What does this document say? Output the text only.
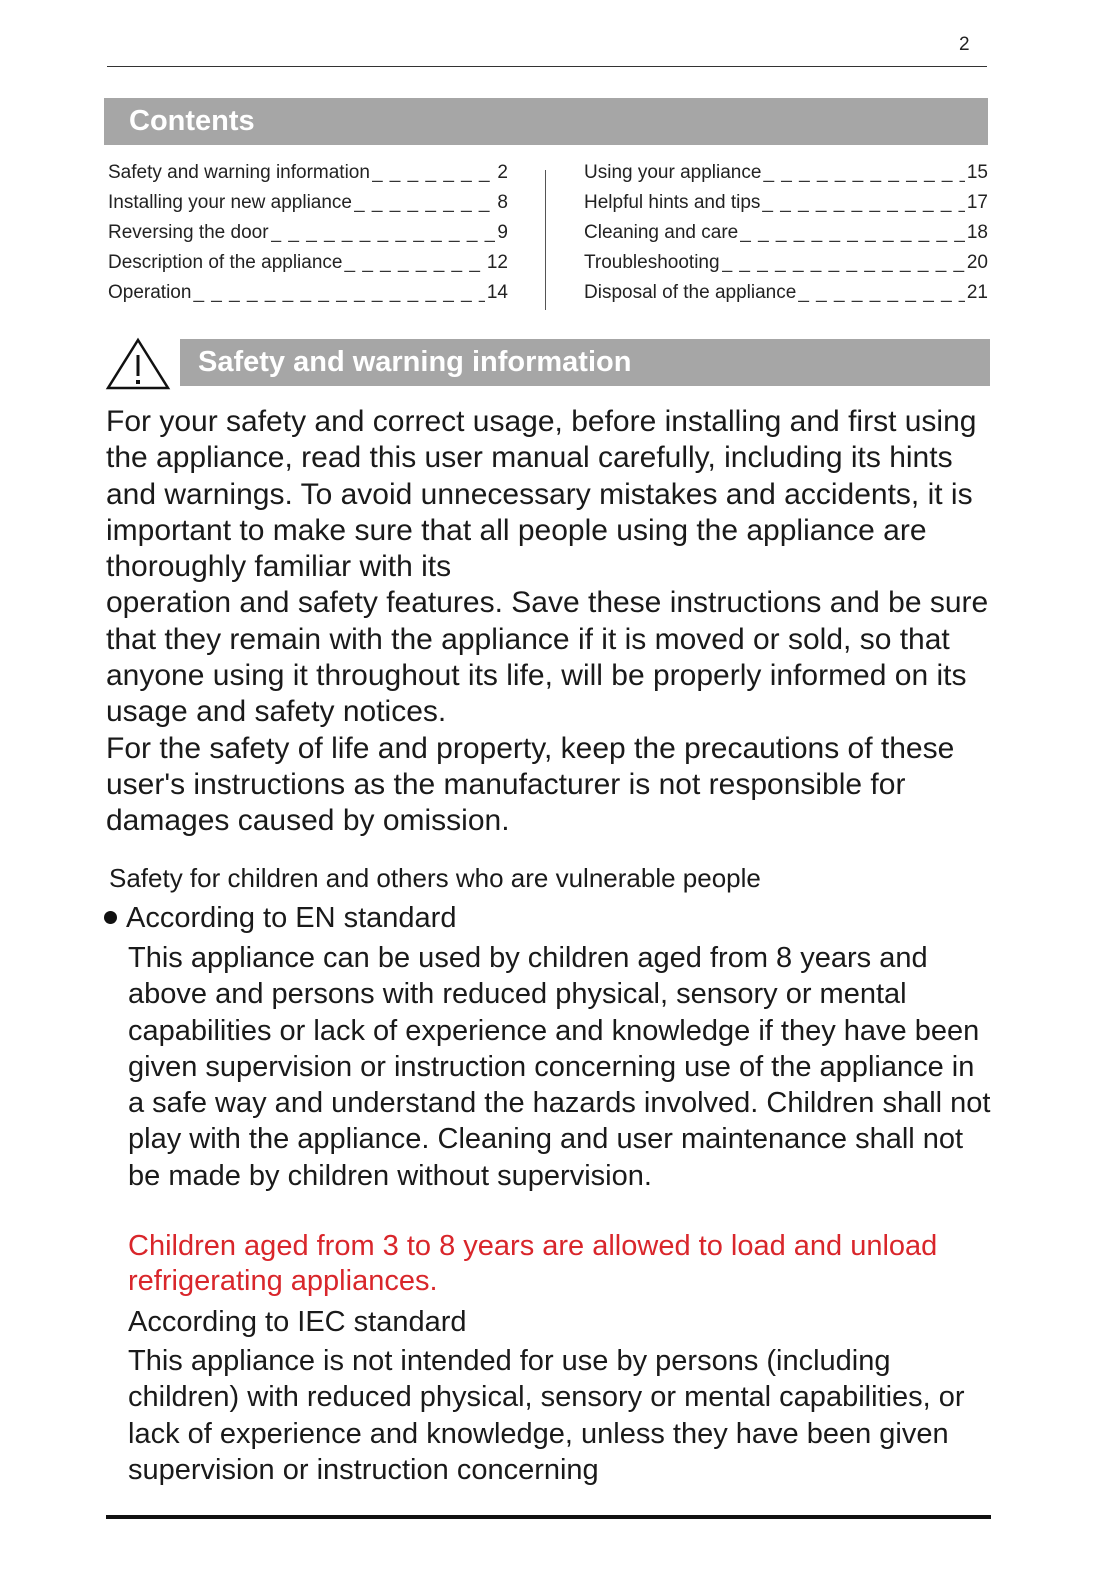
2
Contents
Safety and warning information _ _ _	2
Installing your new appliance _ _ _	8
Reversing the door _ _ _	9
Description of the appliance _ _ _	12
Operation _ _ _	14
Using your appliance _ _ _	15
Helpful hints and tips _ _ _	17
Cleaning and care _ _ _	18
Troubleshooting _ _ _	20
Disposal of the appliance _ _ _	21
Safety and warning information

For your safety and correct usage, before installing and first using the appliance, read this user manual carefully, including its hints and warnings. To avoid unnecessary mistakes and accidents, it is important to make sure that all people using the appliance are thoroughly familiar with its

operation and safety features. Save these instructions and be sure that they remain with the appliance if it is moved or sold, so that anyone using it throughout its life, will be properly informed on its usage and safety notices.

For the safety of life and property, keep the precautions of these user's instructions as the manufacturer is not responsible for damages caused by omission.

Safety for children and others who are vulnerable people

According to EN standard

This appliance can be used by children aged from 8 years and above and persons with reduced physical, sensory or mental capabilities or lack of experience and knowledge if they have been given supervision or instruction concerning use of the appliance in a safe way and understand the hazards involved. Children shall not play with the appliance. Cleaning and user maintenance shall not be made by children without supervision.

Children aged from 3 to 8 years are allowed to load and unload refrigerating appliances.

According to IEC standard

This appliance is not intended for use by persons (including children) with reduced physical, sensory or mental capabilities, or lack of experience and knowledge, unless they have been given supervision or instruction concerning
